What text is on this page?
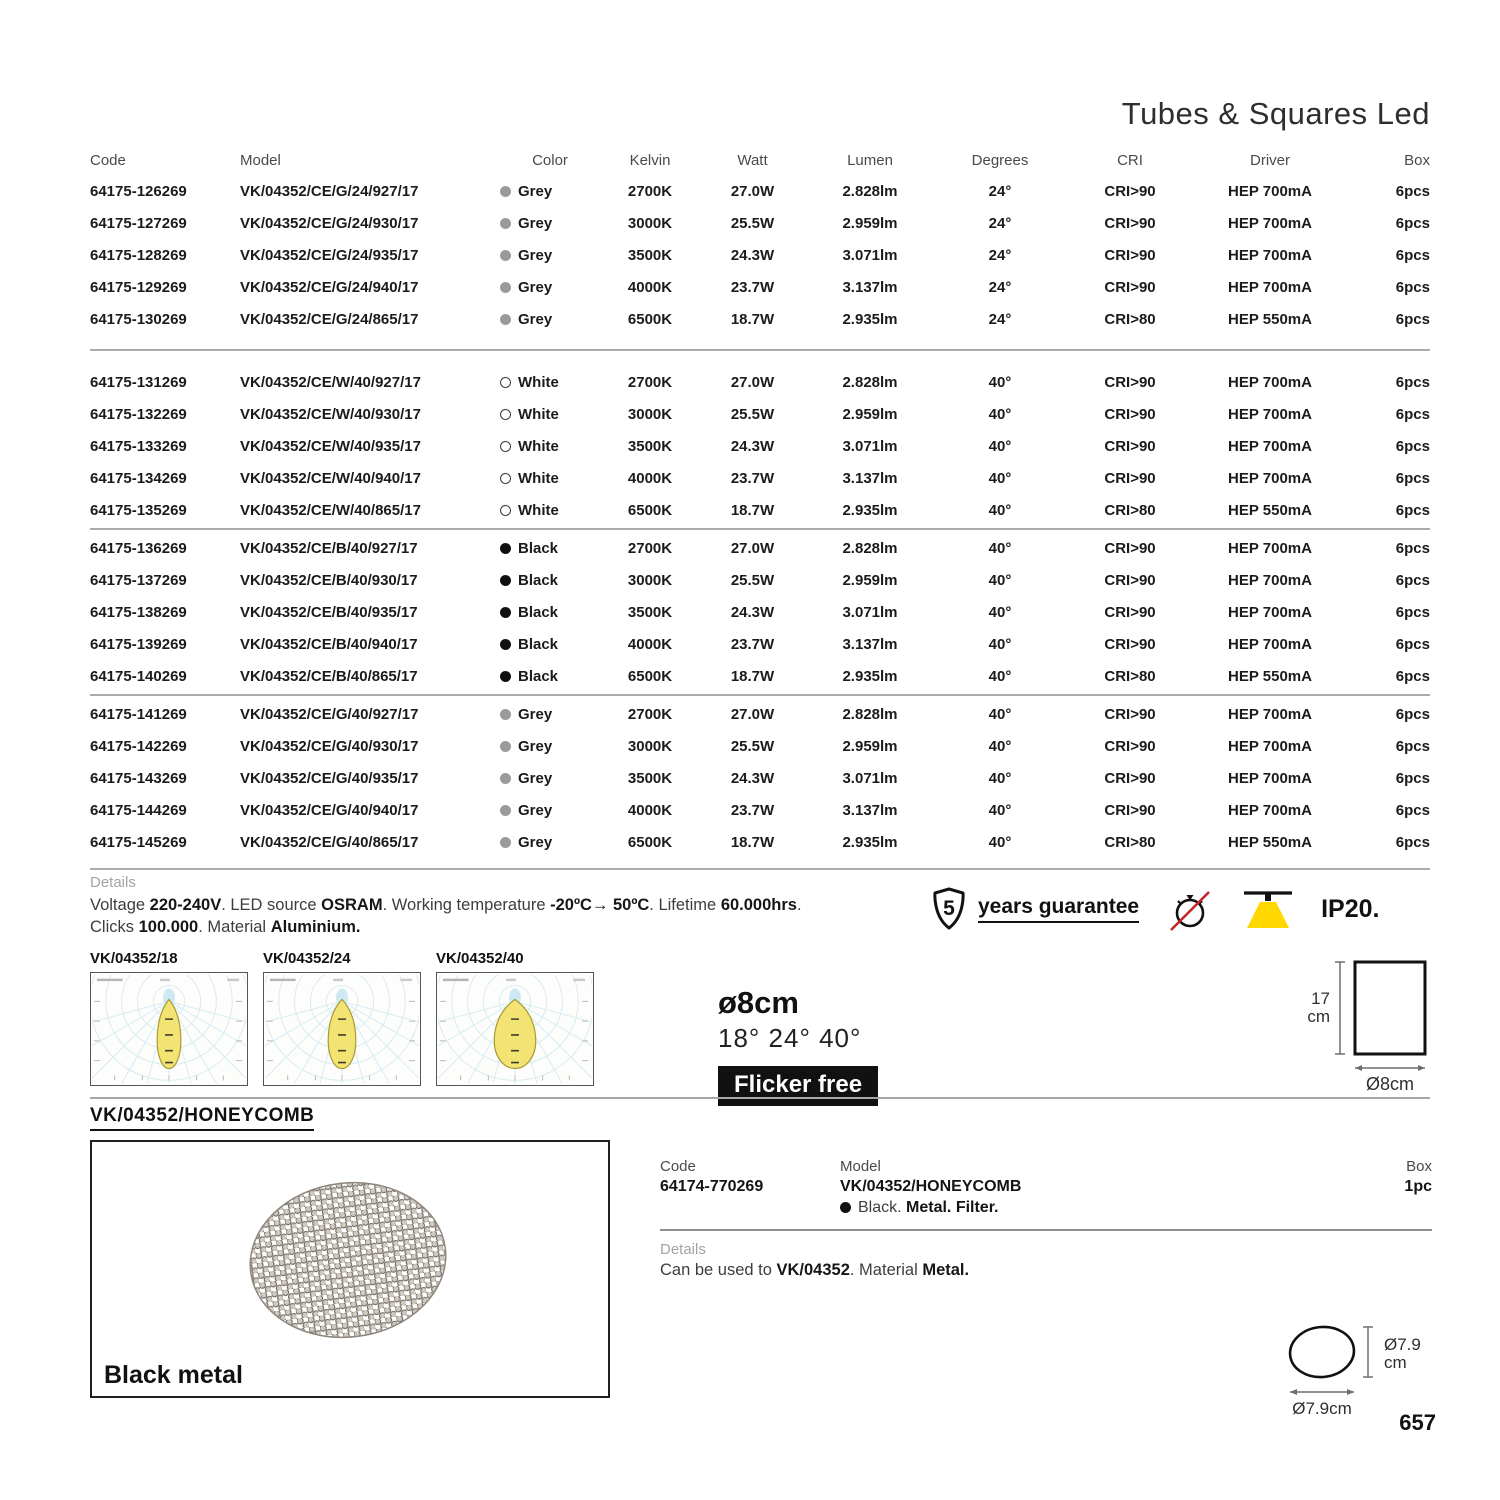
Tubes & Squares Led
Code	Model	Color	Kelvin	Watt	Lumen	Degrees	CRI	Driver	Box
64175-126269	VK/04352/CE/G/24/927/17	Grey	2700K	27.0W	2.828lm	24°	CRI>90	HEP 700mA	6pcs
64175-127269	VK/04352/CE/G/24/930/17	Grey	3000K	25.5W	2.959lm	24°	CRI>90	HEP 700mA	6pcs
64175-128269	VK/04352/CE/G/24/935/17	Grey	3500K	24.3W	3.071lm	24°	CRI>90	HEP 700mA	6pcs
64175-129269	VK/04352/CE/G/24/940/17	Grey	4000K	23.7W	3.137lm	24°	CRI>90	HEP 700mA	6pcs
64175-130269	VK/04352/CE/G/24/865/17	Grey	6500K	18.7W	2.935lm	24°	CRI>80	HEP 550mA	6pcs
64175-131269	VK/04352/CE/W/40/927/17	White	2700K	27.0W	2.828lm	40°	CRI>90	HEP 700mA	6pcs
64175-132269	VK/04352/CE/W/40/930/17	White	3000K	25.5W	2.959lm	40°	CRI>90	HEP 700mA	6pcs
64175-133269	VK/04352/CE/W/40/935/17	White	3500K	24.3W	3.071lm	40°	CRI>90	HEP 700mA	6pcs
64175-134269	VK/04352/CE/W/40/940/17	White	4000K	23.7W	3.137lm	40°	CRI>90	HEP 700mA	6pcs
64175-135269	VK/04352/CE/W/40/865/17	White	6500K	18.7W	2.935lm	40°	CRI>80	HEP 550mA	6pcs
64175-136269	VK/04352/CE/B/40/927/17	Black	2700K	27.0W	2.828lm	40°	CRI>90	HEP 700mA	6pcs
64175-137269	VK/04352/CE/B/40/930/17	Black	3000K	25.5W	2.959lm	40°	CRI>90	HEP 700mA	6pcs
64175-138269	VK/04352/CE/B/40/935/17	Black	3500K	24.3W	3.071lm	40°	CRI>90	HEP 700mA	6pcs
64175-139269	VK/04352/CE/B/40/940/17	Black	4000K	23.7W	3.137lm	40°	CRI>90	HEP 700mA	6pcs
64175-140269	VK/04352/CE/B/40/865/17	Black	6500K	18.7W	2.935lm	40°	CRI>80	HEP 550mA	6pcs
64175-141269	VK/04352/CE/G/40/927/17	Grey	2700K	27.0W	2.828lm	40°	CRI>90	HEP 700mA	6pcs
64175-142269	VK/04352/CE/G/40/930/17	Grey	3000K	25.5W	2.959lm	40°	CRI>90	HEP 700mA	6pcs
64175-143269	VK/04352/CE/G/40/935/17	Grey	3500K	24.3W	3.071lm	40°	CRI>90	HEP 700mA	6pcs
64175-144269	VK/04352/CE/G/40/940/17	Grey	4000K	23.7W	3.137lm	40°	CRI>90	HEP 700mA	6pcs
64175-145269	VK/04352/CE/G/40/865/17	Grey	6500K	18.7W	2.935lm	40°	CRI>80	HEP 550mA	6pcs
Details
Voltage 220-240V. LED source OSRAM. Working temperature -20ºC→ 50ºC. Lifetime 60.000hrs.
Clicks 100.000. Material Aluminium.
5 years guarantee	IP20.
VK/04352/18	VK/04352/24	VK/04352/40
ø8cm
18° 24° 40°
Flicker free
17
cm
Ø8cm
VK/04352/HONEYCOMB
Black metal
Code
64174-770269
Model
VK/04352/HONEYCOMB
Black. Metal. Filter.
Box
1pc
Details
Can be used to VK/04352. Material Metal.
Ø7.9
cm
Ø7.9cm
657
